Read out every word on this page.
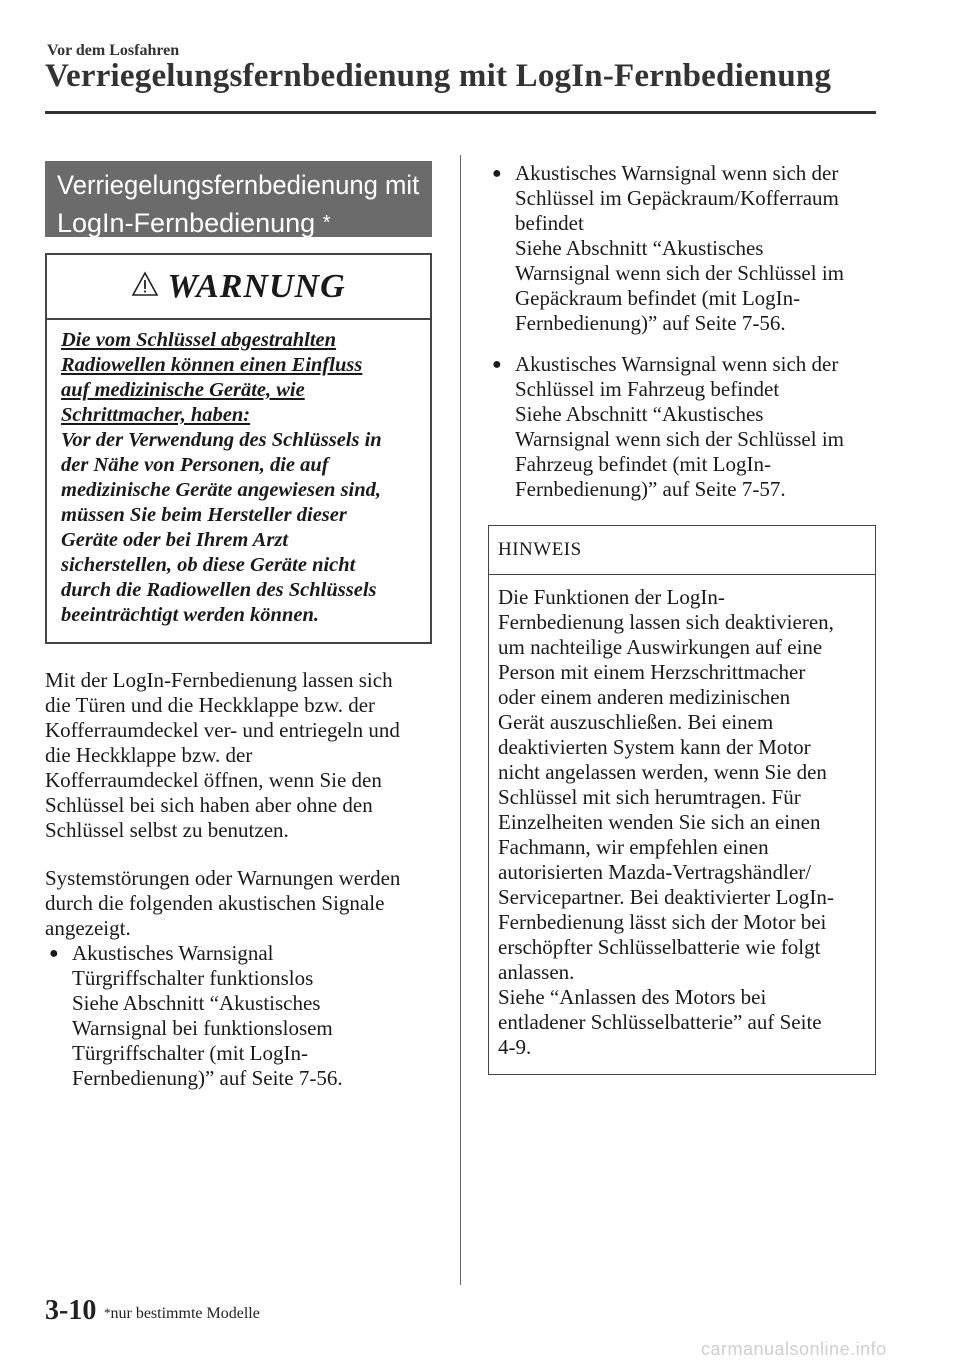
Vor dem Losfahren
Verriegelungsfernbedienung mit LogIn-Fernbedienung
Verriegelungsfernbedienung mit
LogIn-Fernbedienung *
WARNUNG
Die vom Schlüssel abgestrahlten
Radiowellen können einen Einfluss
auf medizinische Geräte, wie
Schrittmacher, haben:
Vor der Verwendung des Schlüssels in
der Nähe von Personen, die auf
medizinische Geräte angewiesen sind,
müssen Sie beim Hersteller dieser
Geräte oder bei Ihrem Arzt
sicherstellen, ob diese Geräte nicht
durch die Radiowellen des Schlüssels
beeinträchtigt werden können.

Mit der LogIn-Fernbedienung lassen sich
die Türen und die Heckklappe bzw. der
Kofferraumdeckel ver- und entriegeln und
die Heckklappe bzw. der
Kofferraumdeckel öffnen, wenn Sie den
Schlüssel bei sich haben aber ohne den
Schlüssel selbst zu benutzen.

Systemstörungen oder Warnungen werden
durch die folgenden akustischen Signale
angezeigt.

● Akustisches Warnsignal
Türgriffschalter funktionslos
Siehe Abschnitt “Akustisches
Warnsignal bei funktionslosem
Türgriffschalter (mit LogIn-
Fernbedienung)” auf Seite 7-56.
● Akustisches Warnsignal wenn sich der
Schlüssel im Gepäckraum/Kofferraum
befindet
Siehe Abschnitt “Akustisches
Warnsignal wenn sich der Schlüssel im
Gepäckraum befindet (mit LogIn-
Fernbedienung)” auf Seite 7-56.
● Akustisches Warnsignal wenn sich der
Schlüssel im Fahrzeug befindet
Siehe Abschnitt “Akustisches
Warnsignal wenn sich der Schlüssel im
Fahrzeug befindet (mit LogIn-
Fernbedienung)” auf Seite 7-57.
HINWEIS
Die Funktionen der LogIn-
Fernbedienung lassen sich deaktivieren,
um nachteilige Auswirkungen auf eine
Person mit einem Herzschrittmacher
oder einem anderen medizinischen
Gerät auszuschließen. Bei einem
deaktivierten System kann der Motor
nicht angelassen werden, wenn Sie den
Schlüssel mit sich herumtragen. Für
Einzelheiten wenden Sie sich an einen
Fachmann, wir empfehlen einen
autorisierten Mazda-Vertragshändler/
Servicepartner. Bei deaktivierter LogIn-
Fernbedienung lässt sich der Motor bei
erschöpfter Schlüsselbatterie wie folgt
anlassen.
Siehe “Anlassen des Motors bei
entladener Schlüsselbatterie” auf Seite
4-9.
3-10 *nur bestimmte Modelle
carmanualsonline.info
